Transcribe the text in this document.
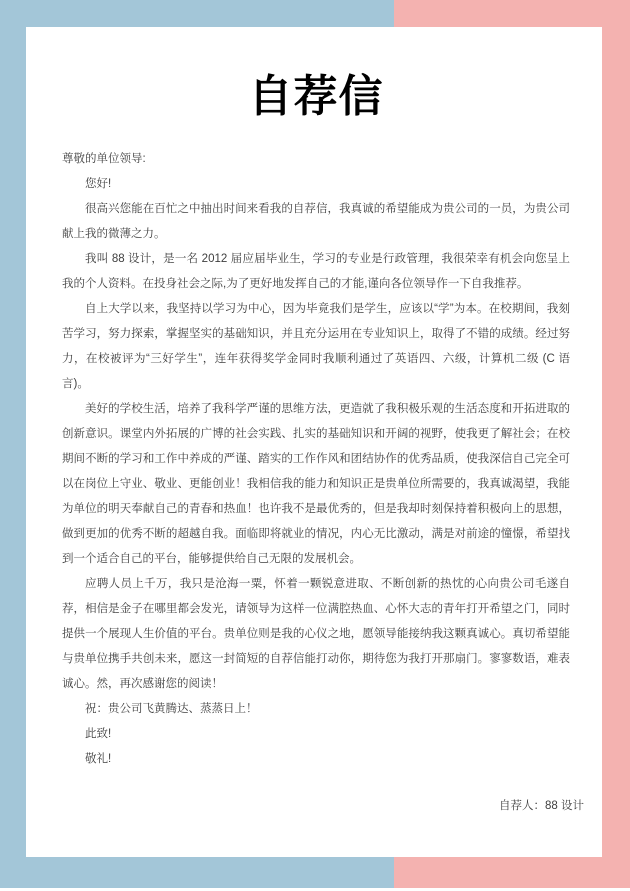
自荐信

尊敬的单位领导:

您好!

很高兴您能在百忙之中抽出时间来看我的自荐信，我真诚的希望能成为贵公司的一员，为贵公司献上我的微薄之力。

我叫 88 设计，是一名 2012 届应届毕业生，学习的专业是行政管理，我很荣幸有机会向您呈上我的个人资料。在投身社会之际,为了更好地发挥自己的才能,谨向各位领导作一下自我推荐。

自上大学以来，我坚持以学习为中心，因为毕竟我们是学生，应该以“学”为本。在校期间，我刻苦学习，努力探索，掌握坚实的基础知识，并且充分运用在专业知识上，取得了不错的成绩。经过努力，在校被评为“三好学生”，连年获得奖学金同时我顺利通过了英语四、六级，计算机二级 (C 语言)。

美好的学校生活，培养了我科学严谨的思维方法，更造就了我积极乐观的生活态度和开拓进取的创新意识。课堂内外拓展的广博的社会实践、扎实的基础知识和开阔的视野，使我更了解社会；在校期间不断的学习和工作中养成的严谨、踏实的工作作风和团结协作的优秀品质，使我深信自己完全可以在岗位上守业、敬业、更能创业！我相信我的能力和知识正是贵单位所需要的，我真诚渴望，我能为单位的明天奉献自己的青春和热血！也许我不是最优秀的，但是我却时刻保持着积极向上的思想，做到更加的优秀不断的超越自我。面临即将就业的情况，内心无比激动，满是对前途的憧憬，希望找到一个适合自己的平台，能够提供给自己无限的发展机会。

应聘人员上千万，我只是沧海一粟，怀着一颗锐意进取、不断创新的热忱的心向贵公司毛遂自荐，相信是金子在哪里都会发光，请领导为这样一位满腔热血、心怀大志的青年打开希望之门，同时提供一个展现人生价值的平台。贵单位则是我的心仪之地，愿领导能接纳我这颗真诚心。真切希望能与贵单位携手共创未来，愿这一封简短的自荐信能打动你，期待您为我打开那扇门。寥寥数语，难表诚心。然，再次感谢您的阅读！

祝：贵公司飞黄腾达、蒸蒸日上！

此致!

敬礼!

自荐人：88 设计
